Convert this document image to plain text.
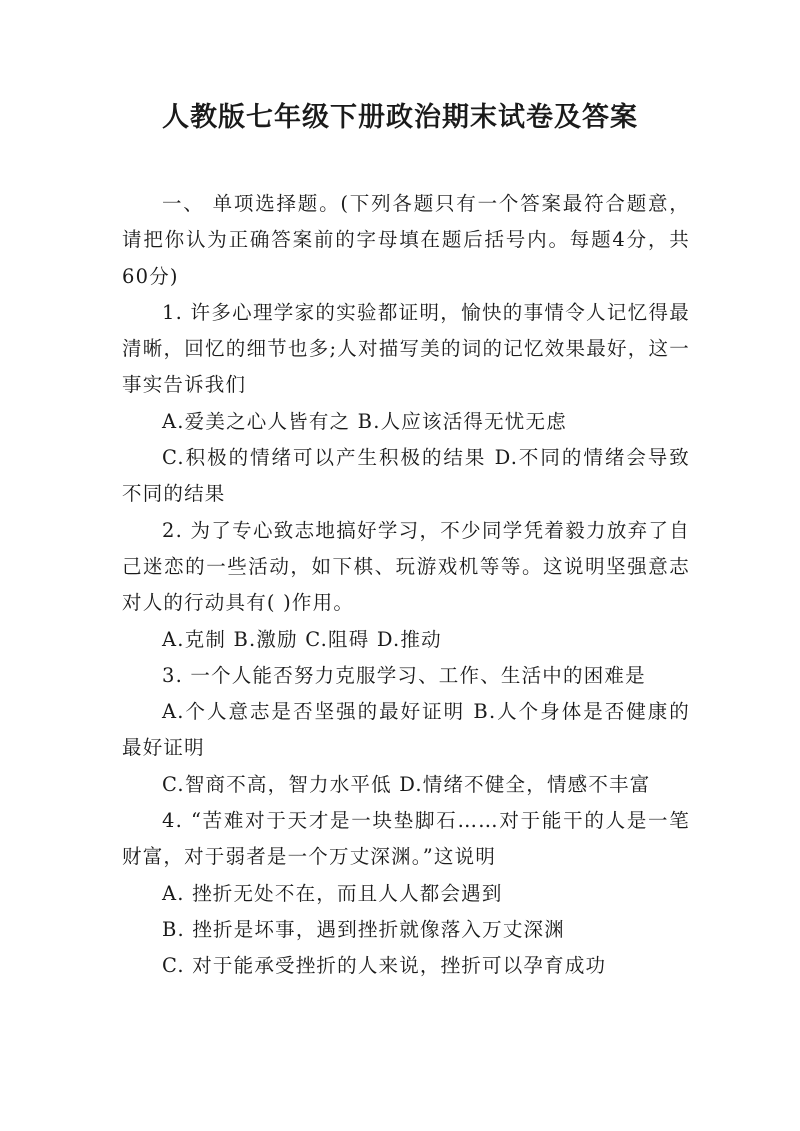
人教版七年级下册政治期末试卷及答案

一、 单项选择题。(下列各题只有一个答案最符合题意，请把你认为正确答案前的字母填在题后括号内。每题4分，共60分)

1. 许多心理学家的实验都证明，愉快的事情令人记忆得最清晰，回忆的细节也多;人对描写美的词的记忆效果最好，这一事实告诉我们

A.爱美之心人皆有之 B.人应该活得无忧无虑

C.积极的情绪可以产生积极的结果 D.不同的情绪会导致不同的结果

2. 为了专心致志地搞好学习，不少同学凭着毅力放弃了自己迷恋的一些活动，如下棋、玩游戏机等等。这说明坚强意志对人的行动具有( )作用。

A.克制 B.激励 C.阻碍 D.推动

3. 一个人能否努力克服学习、工作、生活中的困难是

A.个人意志是否坚强的最好证明 B.人个身体是否健康的最好证明

C.智商不高，智力水平低 D.情绪不健全，情感不丰富

4. “苦难对于天才是一块垫脚石……对于能干的人是一笔财富，对于弱者是一个万丈深渊。”这说明

A. 挫折无处不在，而且人人都会遇到

B. 挫折是坏事，遇到挫折就像落入万丈深渊

C. 对于能承受挫折的人来说，挫折可以孕育成功
